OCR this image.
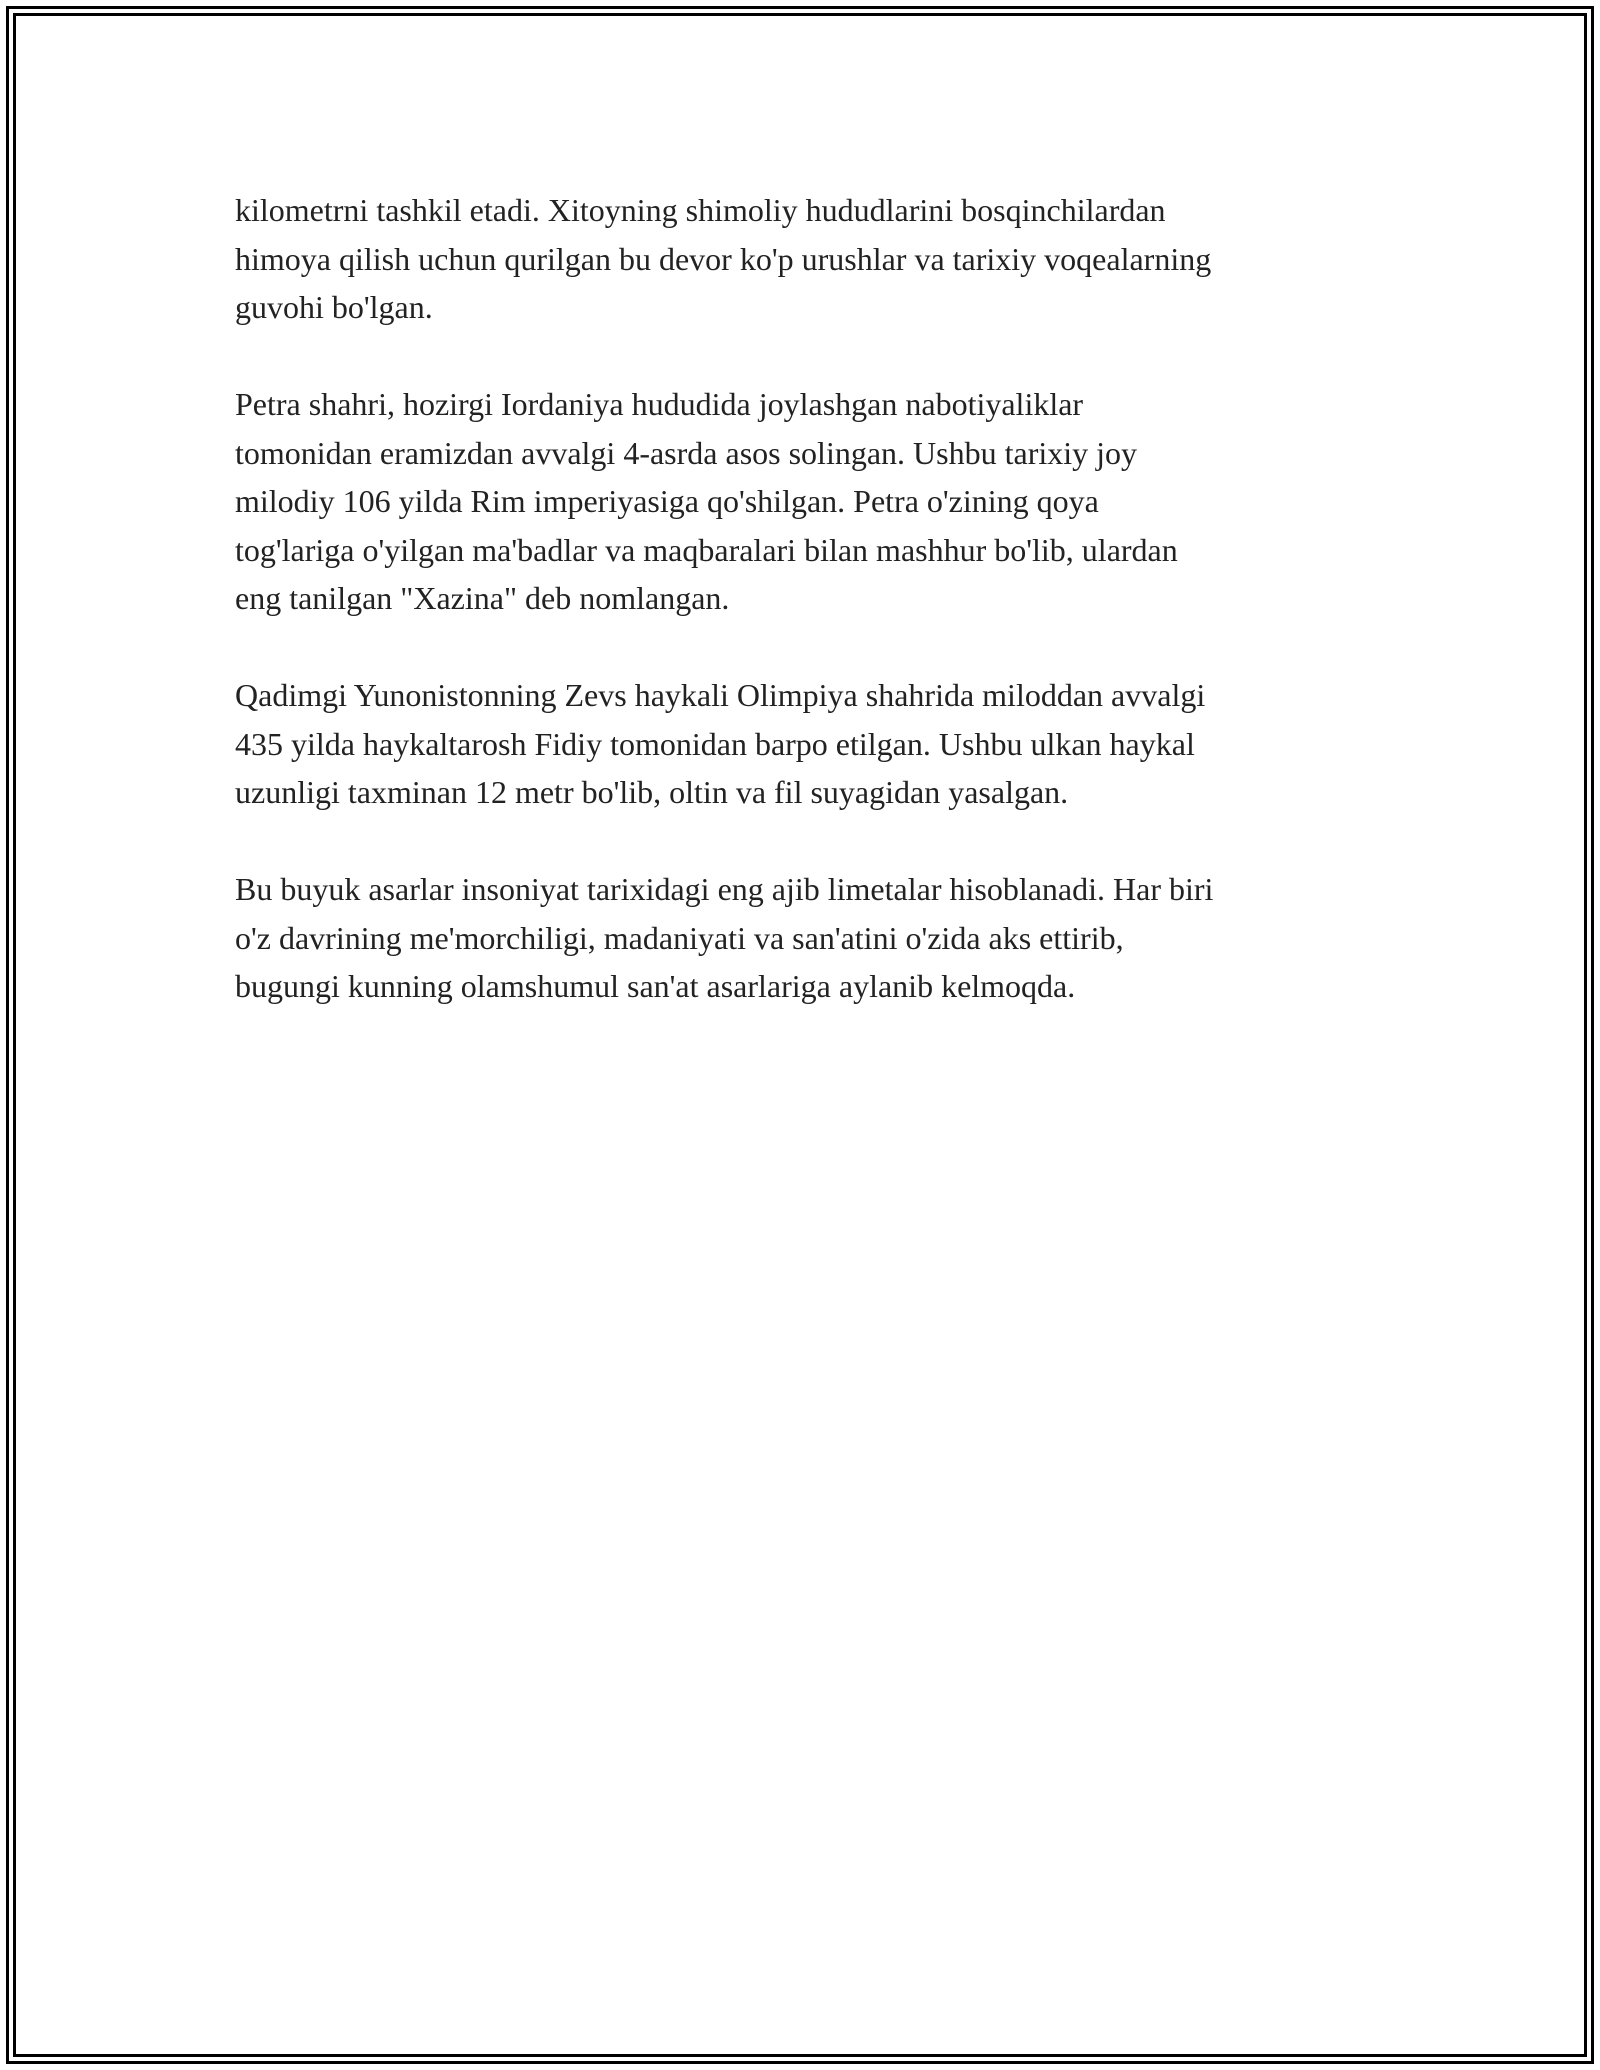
kilometrni tashkil etadi. Xitoyning shimoliy hududlarini bosqinchilardan
himoya qilish uchun qurilgan bu devor ko'p urushlar va tarixiy voqealarning
guvohi bo'lgan.

Petra shahri, hozirgi Iordaniya hududida joylashgan nabotiyaliklar
tomonidan eramizdan avvalgi 4-asrda asos solingan. Ushbu tarixiy joy
milodiy 106 yilda Rim imperiyasiga qo'shilgan. Petra o'zining qoya
tog'lariga o'yilgan ma'badlar va maqbaralari bilan mashhur bo'lib, ulardan
eng tanilgan "Xazina" deb nomlangan.

Qadimgi Yunonistonning Zevs haykali Olimpiya shahrida miloddan avvalgi
435 yilda haykaltarosh Fidiy tomonidan barpo etilgan. Ushbu ulkan haykal
uzunligi taxminan 12 metr bo'lib, oltin va fil suyagidan yasalgan.

Bu buyuk asarlar insoniyat tarixidagi eng ajib limetalar hisoblanadi. Har biri
o'z davrining me'morchiligi, madaniyati va san'atini o'zida aks ettirib,
bugungi kunning olamshumul san'at asarlariga aylanib kelmoqda.
